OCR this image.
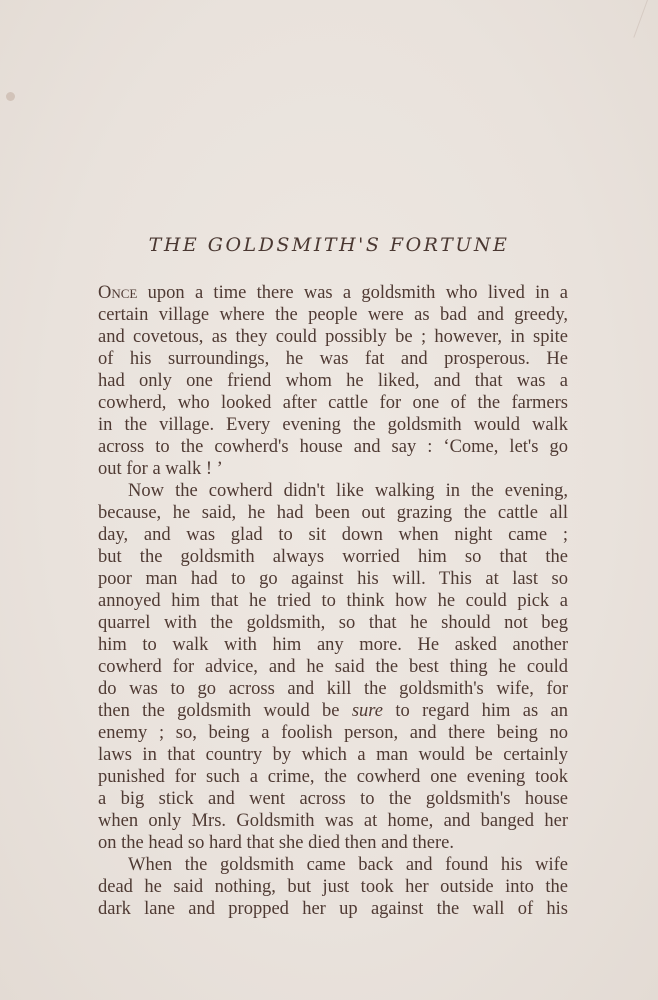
THE GOLDSMITH'S FORTUNE
Once upon a time there was a goldsmith who lived in a
certain village where the people were as bad and greedy,
and covetous, as they could possibly be ; however, in spite
of his surroundings, he was fat and prosperous. He
had only one friend whom he liked, and that was a
cowherd, who looked after cattle for one of the farmers
in the village. Every evening the goldsmith would walk
across to the cowherd's house and say : ‘Come, let's go
out for a walk ! ’
Now the cowherd didn't like walking in the evening,
because, he said, he had been out grazing the cattle all
day, and was glad to sit down when night came ;
but the goldsmith always worried him so that the
poor man had to go against his will. This at last so
annoyed him that he tried to think how he could pick a
quarrel with the goldsmith, so that he should not beg
him to walk with him any more. He asked another
cowherd for advice, and he said the best thing he could
do was to go across and kill the goldsmith's wife, for
then the goldsmith would be sure to regard him as an
enemy ; so, being a foolish person, and there being no
laws in that country by which a man would be certainly
punished for such a crime, the cowherd one evening took
a big stick and went across to the goldsmith's house
when only Mrs. Goldsmith was at home, and banged her
on the head so hard that she died then and there.
When the goldsmith came back and found his wife
dead he said nothing, but just took her outside into the
dark lane and propped her up against the wall of his
